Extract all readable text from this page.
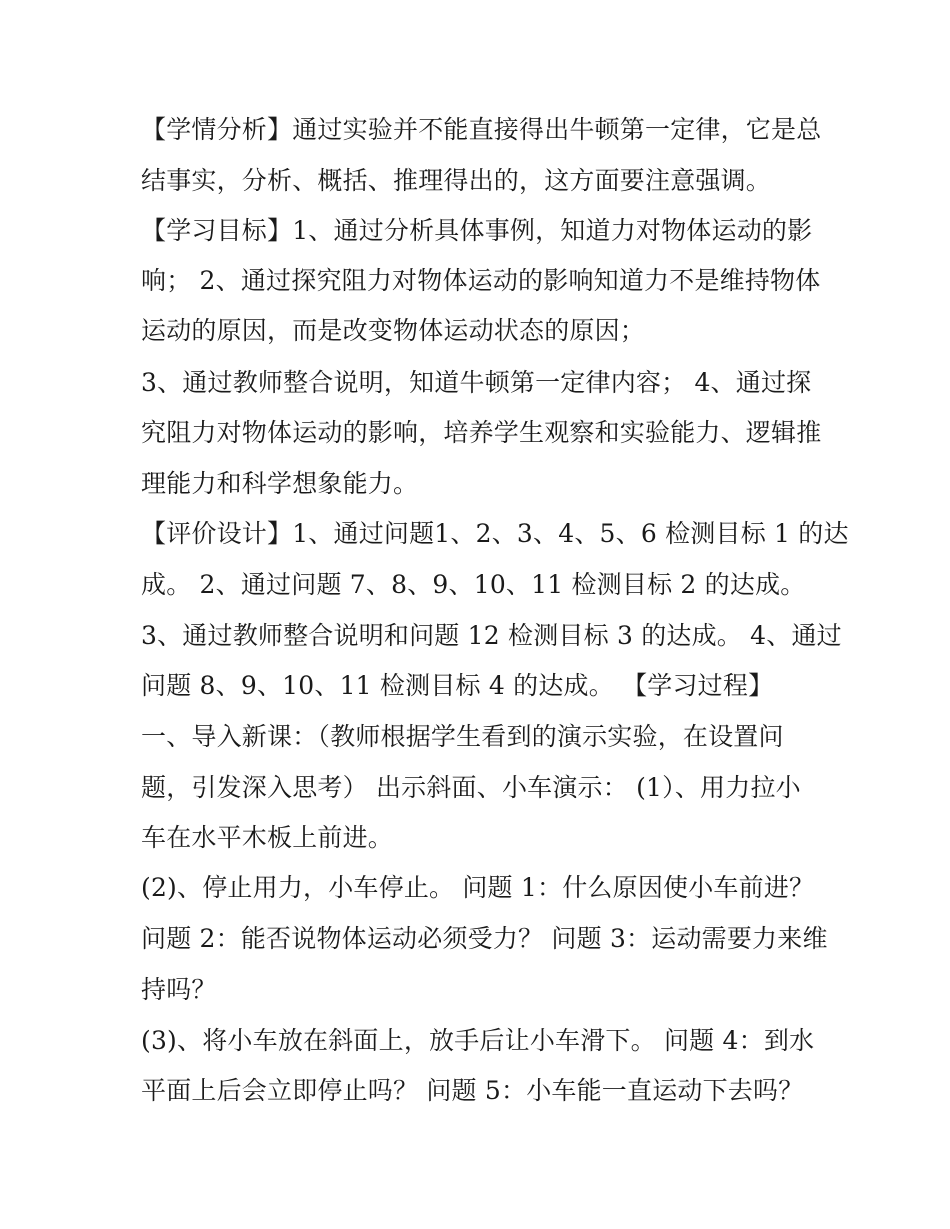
【学情分析】通过实验并不能直接得出牛顿第一定律，它是总
结事实，分析、概括、推理得出的，这方面要注意强调。
【学习目标】1、通过分析具体事例，知道力对物体运动的影
响； 2、通过探究阻力对物体运动的影响知道力不是维持物体
运动的原因，而是改变物体运动状态的原因；
3、通过教师整合说明，知道牛顿第一定律内容； 4、通过探
究阻力对物体运动的影响，培养学生观察和实验能力、逻辑推
理能力和科学想象能力。
【评价设计】1、通过问题1、2、3、4、5、6 检测目标 1 的达
成。 2、通过问题 7、8、9、10、11 检测目标 2 的达成。
3、通过教师整合说明和问题 12 检测目标 3 的达成。 4、通过
问题 8、9、10、11 检测目标 4 的达成。 【学习过程】
一、导入新课：（教师根据学生看到的演示实验，在设置问
题，引发深入思考） 出示斜面、小车演示： (1）、用力拉小
车在水平木板上前进。
(2)、停止用力，小车停止。 问题 1：什么原因使小车前进？
问题 2：能否说物体运动必须受力？ 问题 3：运动需要力来维
持吗？
(3)、将小车放在斜面上，放手后让小车滑下。 问题 4：到水
平面上后会立即停止吗？ 问题 5：小车能一直运动下去吗？
